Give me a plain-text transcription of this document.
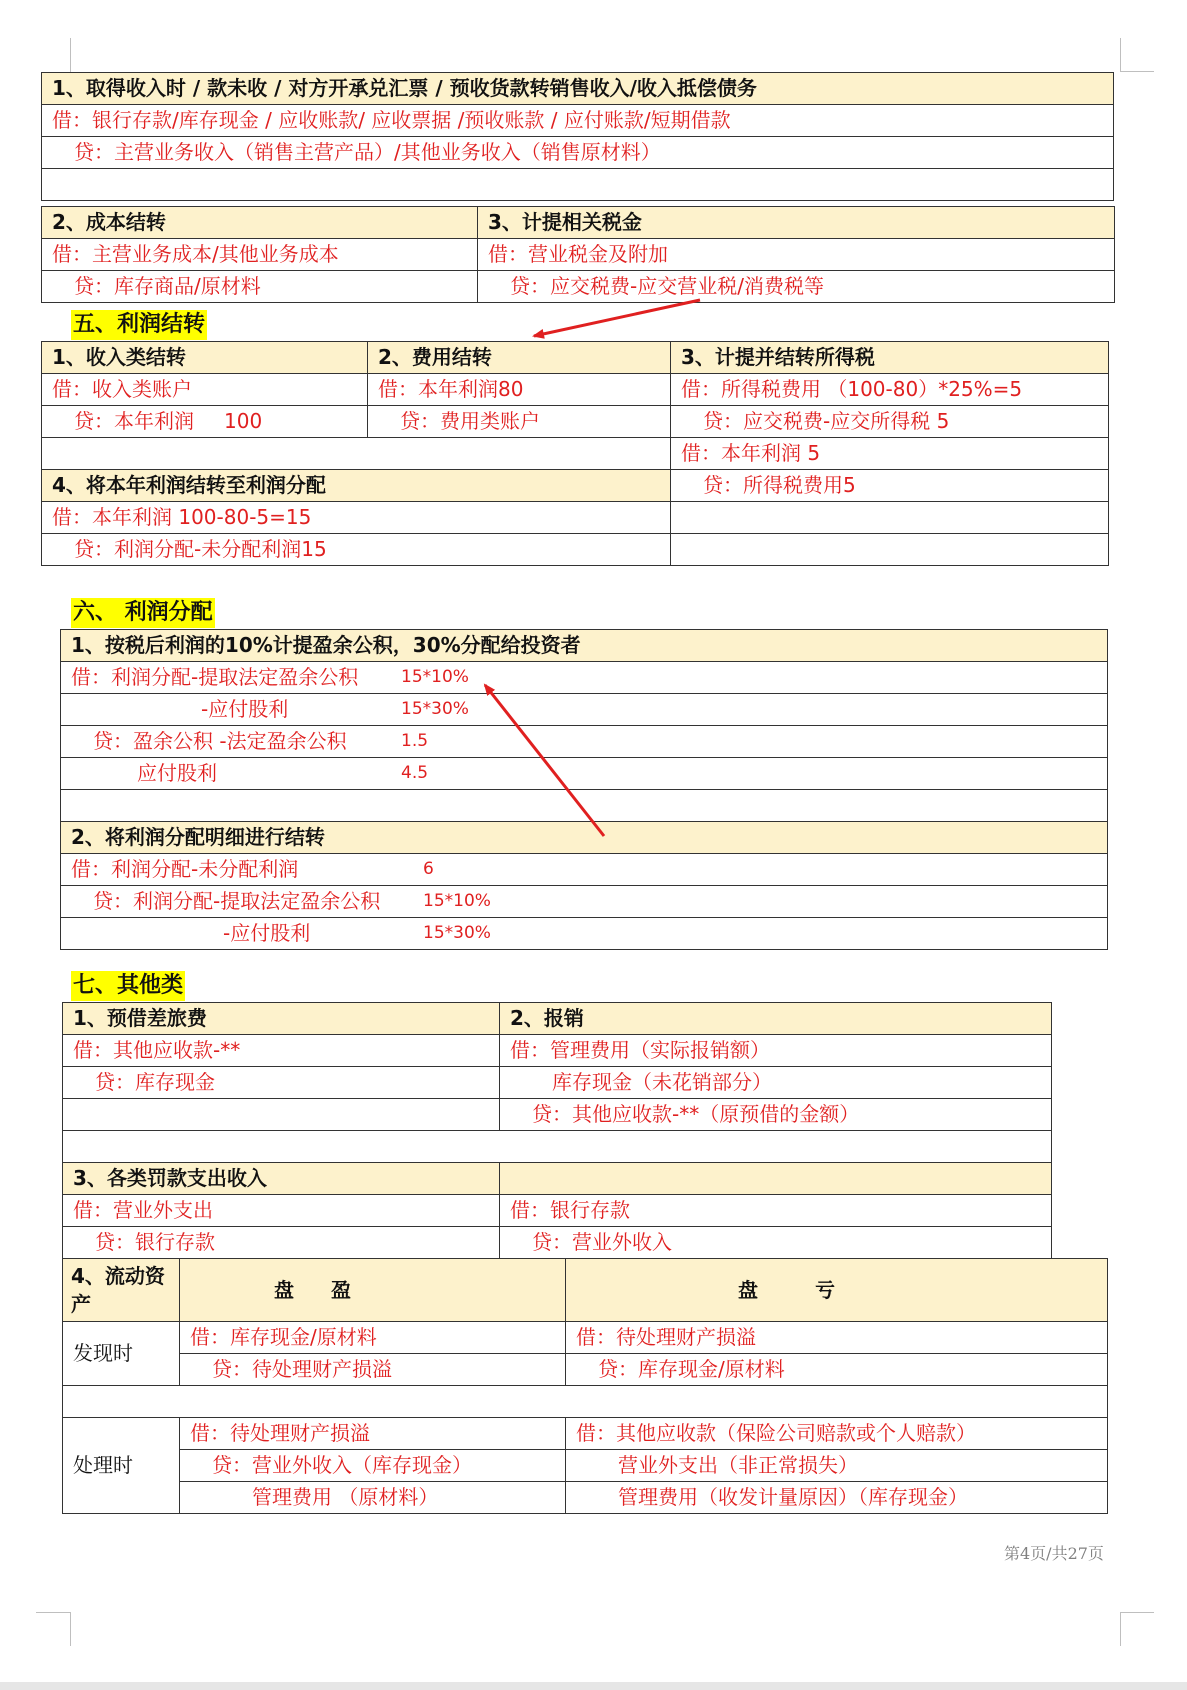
1、取得收入时 / 款未收 / 对方开承兑汇票 / 预收货款转销售收入/收入抵偿债务
借：银行存款/库存现金 / 应收账款/ 应收票据 /预收账款 / 应付账款/短期借款
贷：主营业务收入（销售主营产品）/其他业务收入（销售原材料）

2、成本结转	3、计提相关税金
借：主营业务成本/其他业务成本	借：营业税金及附加
贷：库存商品/原材料	贷：应交税费-应交营业税/消费税等
五、利润结转
1、收入类结转	2、费用结转	3、计提并结转所得税
借：收入类账户	借：本年利润80	借：所得税费用 （100-80）*25%=5
贷：本年利润 100	贷：费用类账户	贷：应交税费-应交所得税 5
		借：本年利润 5
4、将本年利润结转至利润分配		贷：所得税费用5
借：本年利润 100-80-5=15		
贷：利润分配-未分配利润15		
六、 利润分配
1、按税后利润的10%计提盈余公积，30%分配给投资者
借：利润分配-提取法定盈余公积	15*10%

-应付股利	15*30%

贷：盈余公积 -法定盈余公积	1.5

应付股利	4.5

2、将利润分配明细进行结转
借：利润分配-未分配利润	6

贷：利润分配-提取法定盈余公积	15*10%

-应付股利	15*30%
七、其他类
1、预借差旅费	2、报销
借：其他应收款-**	借：管理费用（实际报销额）
贷：库存现金	库存现金（未花销部分）
	贷：其他应收款-**（原预借的金额）

3、各类罚款支出收入	
借：营业外支出	借：银行存款
贷：银行存款	贷：营业外收入
4、流动资产	盘 盈	盘 亏
发现时	借：库存现金/原材料	借：待处理财产损溢
	贷：待处理财产损溢	贷：库存现金/原材料

处理时	借：待处理财产损溢	借：其他应收款（保险公司赔款或个人赔款）
	贷：营业外收入（库存现金）	营业外支出（非正常损失）
	管理费用 （原材料）	管理费用（收发计量原因）（库存现金）
第4页/共27页
